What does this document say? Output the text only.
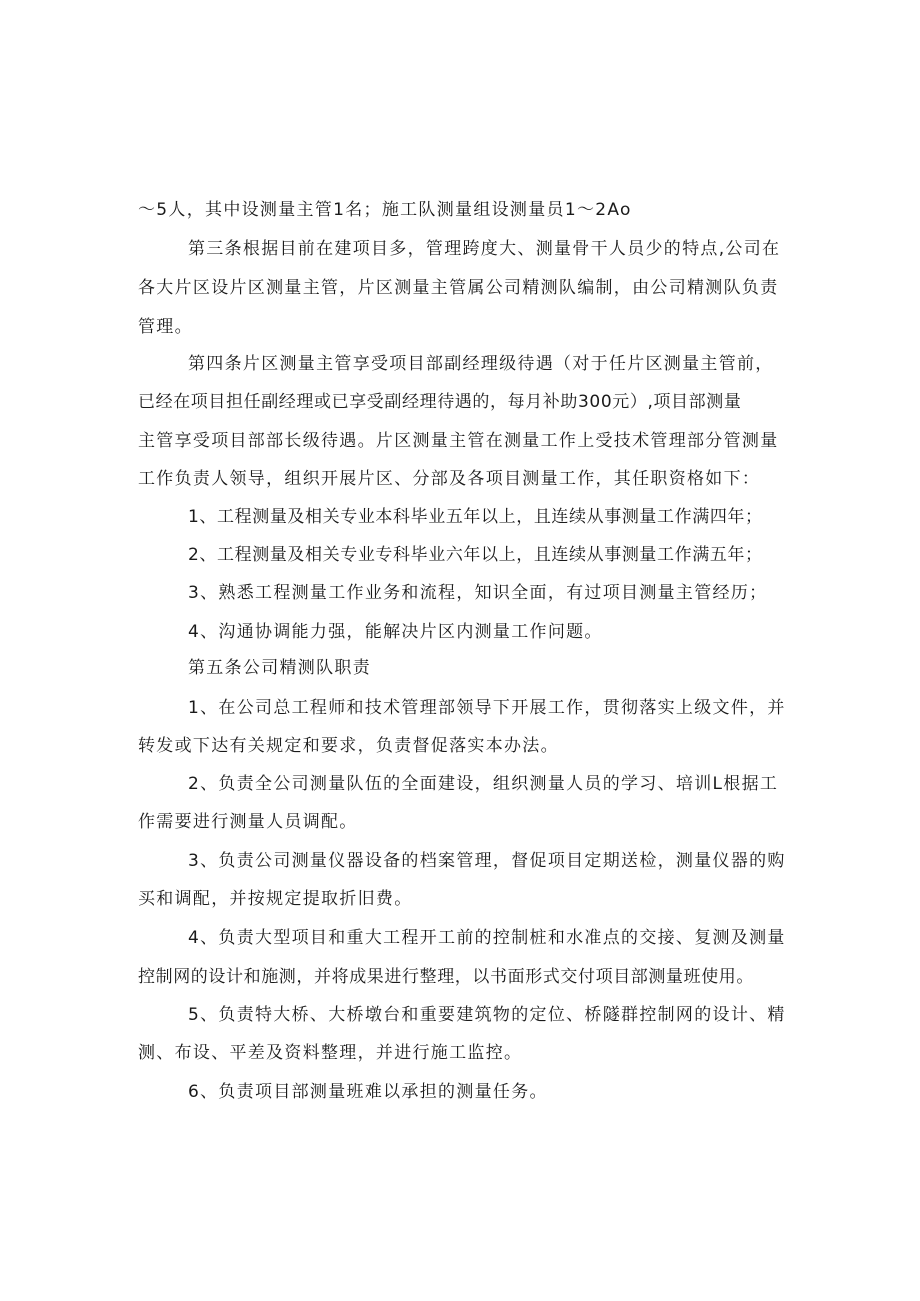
～5人，其中设测量主管1名；施工队测量组设测量员1～2Ao
第三条根据目前在建项目多，管理跨度大、测量骨干人员少的特点,公司在
各大片区设片区测量主管，片区测量主管属公司精测队编制，由公司精测队负责
管理。
第四条片区测量主管享受项目部副经理级待遇（对于任片区测量主管前，
已经在项目担任副经理或已享受副经理待遇的，每月补助300元）,项目部测量
主管享受项目部部长级待遇。片区测量主管在测量工作上受技术管理部分管测量
工作负责人领导，组织开展片区、分部及各项目测量工作，其任职资格如下：
1、工程测量及相关专业本科毕业五年以上，且连续从事测量工作满四年；
2、工程测量及相关专业专科毕业六年以上，且连续从事测量工作满五年；
3、熟悉工程测量工作业务和流程，知识全面，有过项目测量主管经历；
4、沟通协调能力强，能解决片区内测量工作问题。
第五条公司精测队职责
1、在公司总工程师和技术管理部领导下开展工作，贯彻落实上级文件，并
转发或下达有关规定和要求，负责督促落实本办法。
2、负责全公司测量队伍的全面建设，组织测量人员的学习、培训L根据工
作需要进行测量人员调配。
3、负责公司测量仪器设备的档案管理，督促项目定期送检，测量仪器的购
买和调配，并按规定提取折旧费。
4、负责大型项目和重大工程开工前的控制桩和水准点的交接、复测及测量
控制网的设计和施测，并将成果进行整理，以书面形式交付项目部测量班使用。
5、负责特大桥、大桥墩台和重要建筑物的定位、桥隧群控制网的设计、精
测、布设、平差及资料整理，并进行施工监控。
6、负责项目部测量班难以承担的测量任务。
